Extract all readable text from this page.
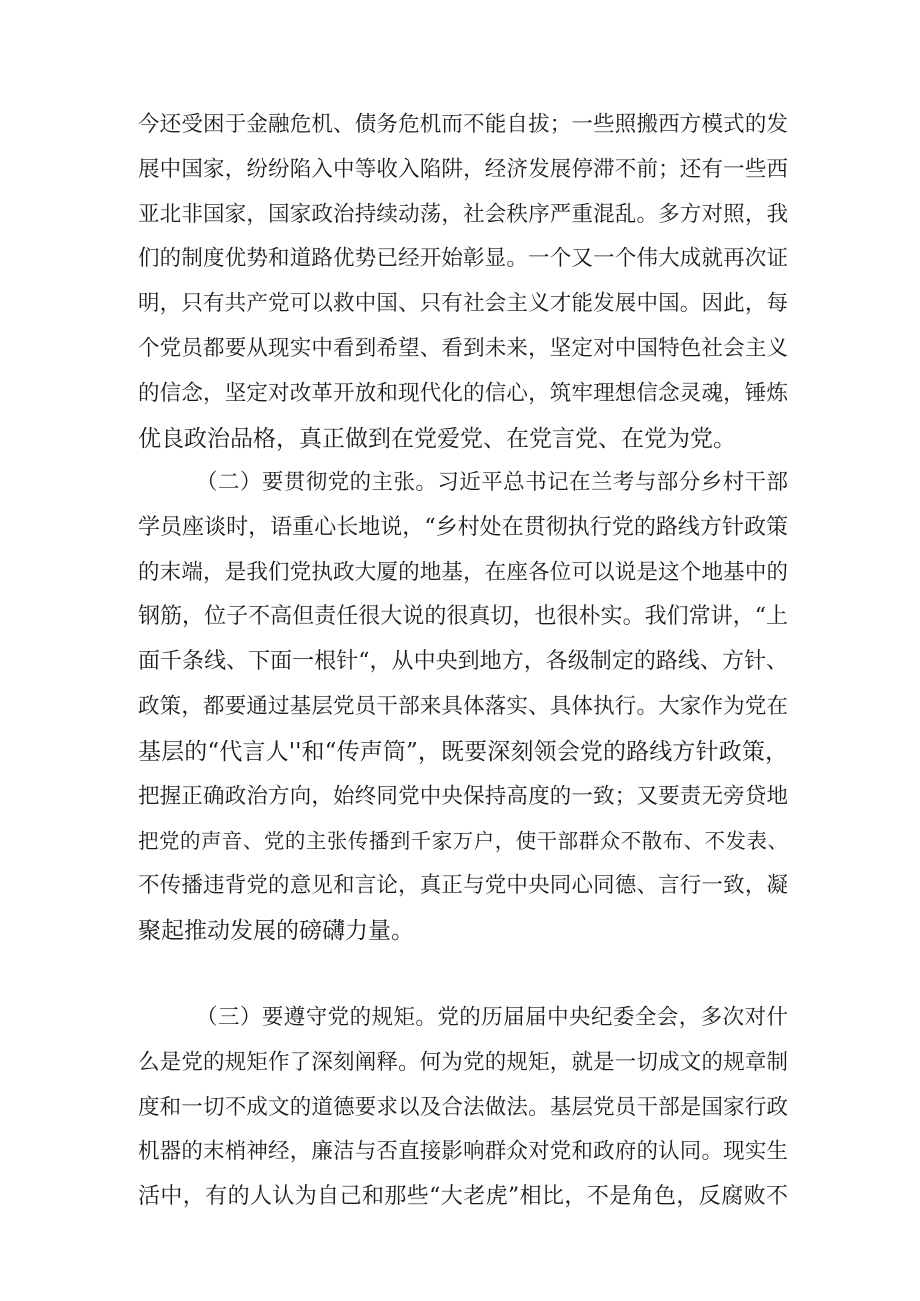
今还受困于金融危机、债务危机而不能自拔；一些照搬西方模式的发
展中国家，纷纷陷入中等收入陷阱，经济发展停滞不前；还有一些西
亚北非国家，国家政治持续动荡，社会秩序严重混乱。多方对照，我
们的制度优势和道路优势已经开始彰显。一个又一个伟大成就再次证
明，只有共产党可以救中国、只有社会主义才能发展中国。因此，每
个党员都要从现实中看到希望、看到未来，坚定对中国特色社会主义
的信念，坚定对改革开放和现代化的信心，筑牢理想信念灵魂，锤炼
优良政治品格，真正做到在党爱党、在党言党、在党为党。
（二）要贯彻党的主张。习近平总书记在兰考与部分乡村干部
学员座谈时，语重心长地说，“乡村处在贯彻执行党的路线方针政策
的末端，是我们党执政大厦的地基，在座各位可以说是这个地基中的
钢筋，位子不高但责任很大说的很真切，也很朴实。我们常讲，“上
面千条线、下面一根针“，从中央到地方，各级制定的路线、方针、
政策，都要通过基层党员干部来具体落实、具体执行。大家作为党在
基层的“代言人''和“传声筒”，既要深刻领会党的路线方针政策，
把握正确政治方向，始终同党中央保持高度的一致；又要责无旁贷地
把党的声音、党的主张传播到千家万户，使干部群众不散布、不发表、
不传播违背党的意见和言论，真正与党中央同心同德、言行一致，凝
聚起推动发展的磅礴力量。
（三）要遵守党的规矩。党的历届届中央纪委全会，多次对什
么是党的规矩作了深刻阐释。何为党的规矩，就是一切成文的规章制
度和一切不成文的道德要求以及合法做法。基层党员干部是国家行政
机器的末梢神经，廉洁与否直接影响群众对党和政府的认同。现实生
活中，有的人认为自己和那些“大老虎”相比，不是角色，反腐败不
